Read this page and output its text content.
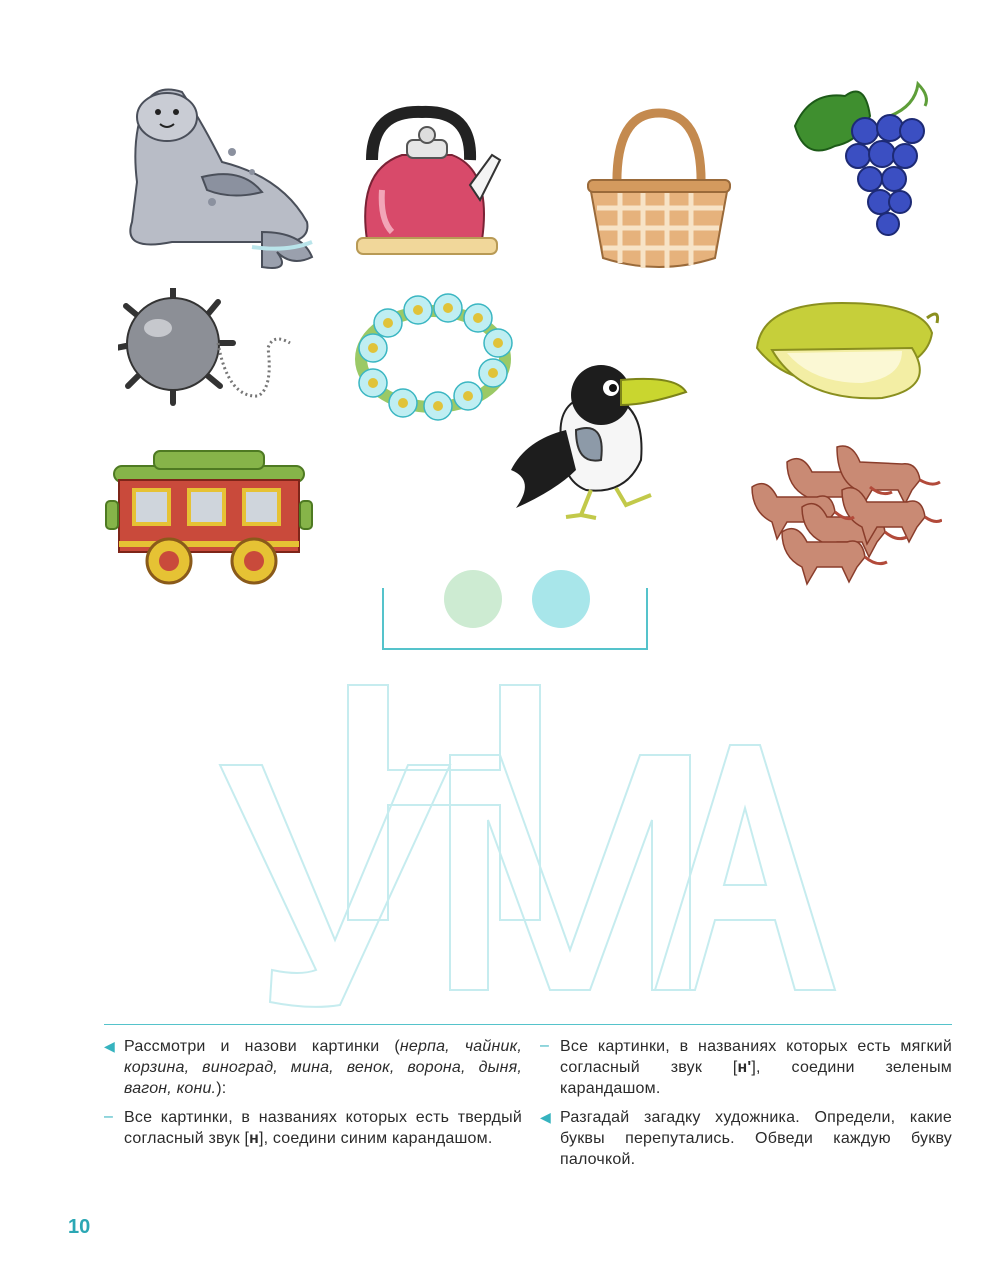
◀ Рассмотри и назови картинки (нерпа, чайник, корзина, виноград, мина, венок, ворона, дыня, вагон, кони.):
– Все картинки, в названиях которых есть твердый согласный звук [н], соедини синим карандашом.
– Все картинки, в названиях которых есть мягкий согласный звук [н'], соедини зеленым карандашом.
◀ Разгадай загадку художника. Определи, какие буквы перепутались. Обведи каждую букву палочкой.
10
